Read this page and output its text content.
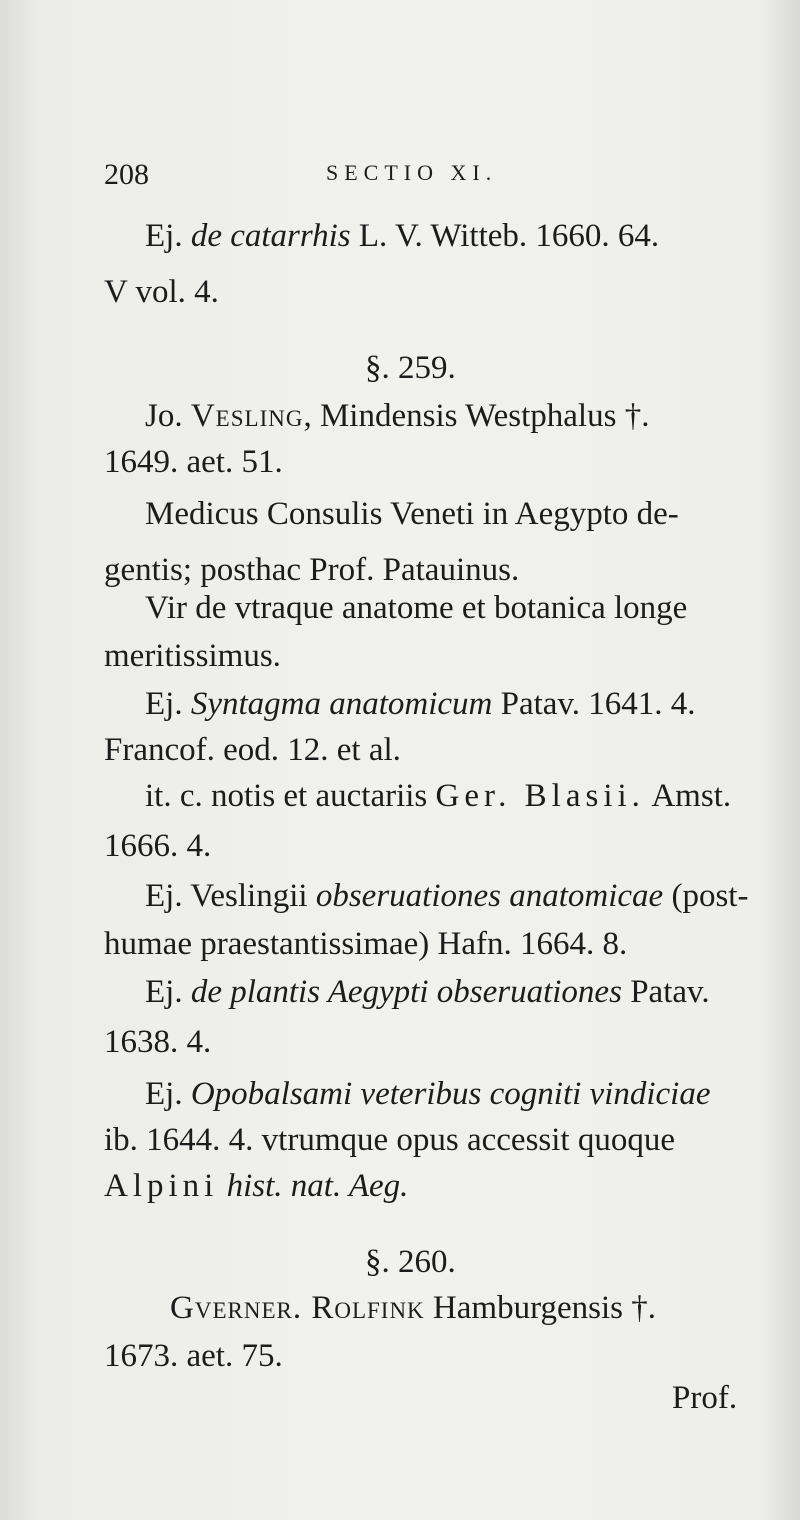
208	SECTIO XI.
Ej. de catarrhis L. V. Witteb. 1660. 64.
V vol. 4.
§. 259.
Jo. Vesling, Mindensis Westphalus †.
1649. aet. 51.
Medicus Consulis Veneti in Aegypto de-
gentis; posthac Prof. Patauinus.
Vir de vtraque anatome et botanica longe
meritissimus.
Ej. Syntagma anatomicum Patav. 1641. 4.
Francof. eod. 12. et al.
it. c. notis et auctariis Ger. Blasii. Amst.
1666. 4.
Ej. Veslingii obseruationes anatomicae (post-
humae praestantissimae) Hafn. 1664. 8.
Ej. de plantis Aegypti obseruationes Patav.
1638. 4.
Ej. Opobalsami veteribus cogniti vindiciae
ib. 1644. 4. vtrumque opus accessit quoque
Alpini hist. nat. Aeg.
§. 260.
Gverner. Rolfink Hamburgensis †.
1673. aet. 75.
Prof.
